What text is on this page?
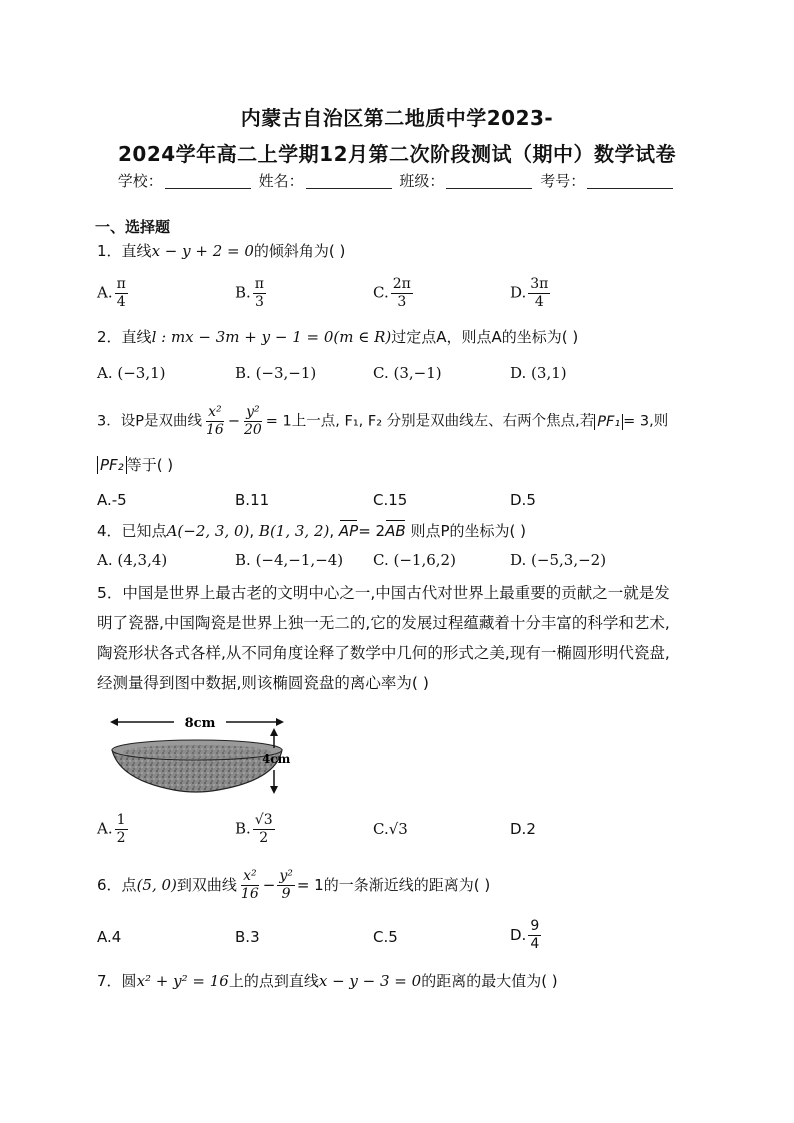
内蒙古自治区第二地质中学2023-
2024学年高二上学期12月第二次阶段测试（期中）数学试卷
学校：	姓名：	班级：	考号：
一、选择题
1．直线x − y + 2 = 0的倾斜角为( )
A. $\frac{\pi}{4}$	B. $\frac{\pi}{3}$	C. $\frac{2\pi}{3}$	D. $\frac{3\pi}{4}$
2．直线l : mx − 3m + y − 1 = 0(m ∈ R)过定点A，则点A的坐标为( )
A. (−3,1)	B. (−3,−1)	C. (3,−1)	D. (3,1)
3．设P是双曲线 $\frac{\text{x²}}{16} - \frac{\text{y²}}{20} = 1$上一点, F₁, F₂ 分别是双曲线左、右两个焦点,若 PF₁ = 3,则
PF₂ 等于( )
A.-5	B.11	C.15	D.5
4．已知点A(−2, 3, 0), B(1, 3, 2), AP= 2AB 则点P的坐标为( )
A. (4,3,4)	B. (−4,−1,−4) C. (−1,6,2)	D. (−5,3,−2)
5．中国是世界上最古老的文明中心之一,中国古代对世界上最重要的贡献之一就是发
明了瓷器,中国陶瓷是世界上独一无二的,它的发展过程蕴藏着十分丰富的科学和艺术,
陶瓷形状各式各样,从不同角度诠释了数学中几何的形式之美,现有一椭圆形明代瓷盘,
经测量得到图中数据,则该椭圆瓷盘的离心率为( )
8cm
4cm
A. $\frac{1}{2}$	B. $\frac{√3}{2}$	C.√3	D.2
6．点(5, 0)到双曲线 $\frac{\text{x²}}{16} - \frac{\text{y²}}{9} = 1$的一条渐近线的距离为( )
A.4	B.3	C.5	D. $\frac{9}{4}$
7．圆x² + y² = 16上的点到直线x − y − 3 = 0的距离的最大值为( )
